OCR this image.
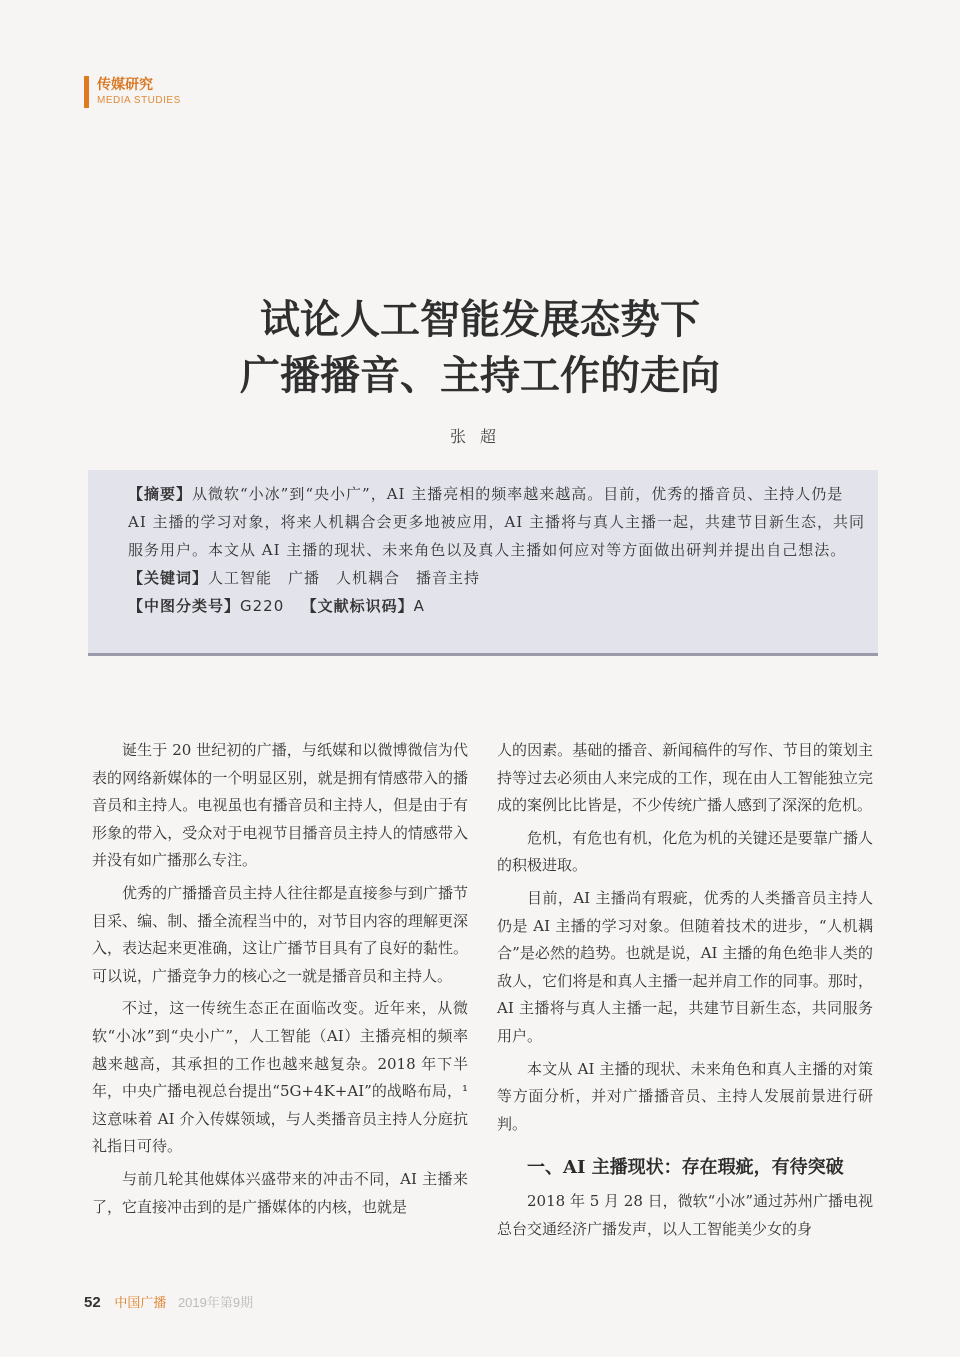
传媒研究
MEDIA STUDIES
试论人工智能发展态势下
广播播音、主持工作的走向
张超

【摘要】从微软“小冰”到“央小广”，AI 主播亮相的频率越来越高。目前，优秀的播音员、主持人仍是 AI 主播的学习对象，将来人机耦合会更多地被应用，AI 主播将与真人主播一起，共建节目新生态，共同服务用户。本文从 AI 主播的现状、未来角色以及真人主播如何应对等方面做出研判并提出自己想法。

【关键词】人工智能　广播　人机耦合　播音主持

【中图分类号】G220 【文献标识码】A

诞生于 20 世纪初的广播，与纸媒和以微博微信为代表的网络新媒体的一个明显区别，就是拥有情感带入的播音员和主持人。电视虽也有播音员和主持人，但是由于有形象的带入，受众对于电视节目播音员主持人的情感带入并没有如广播那么专注。

优秀的广播播音员主持人往往都是直接参与到广播节目采、编、制、播全流程当中的，对节目内容的理解更深入，表达起来更准确，这让广播节目具有了良好的黏性。可以说，广播竞争力的核心之一就是播音员和主持人。

不过，这一传统生态正在面临改变。近年来，从微软“小冰”到“央小广”，人工智能（AI）主播亮相的频率越来越高，其承担的工作也越来越复杂。2018 年下半年，中央广播电视总台提出“5G+4K+AI”的战略布局，¹这意味着 AI 介入传媒领域，与人类播音员主持人分庭抗礼指日可待。

与前几轮其他媒体兴盛带来的冲击不同，AI 主播来了，它直接冲击到的是广播媒体的内核，也就是

人的因素。基础的播音、新闻稿件的写作、节目的策划主持等过去必须由人来完成的工作，现在由人工智能独立完成的案例比比皆是，不少传统广播人感到了深深的危机。

危机，有危也有机，化危为机的关键还是要靠广播人的积极进取。

目前，AI 主播尚有瑕疵，优秀的人类播音员主持人仍是 AI 主播的学习对象。但随着技术的进步，“人机耦合”是必然的趋势。也就是说，AI 主播的角色绝非人类的敌人，它们将是和真人主播一起并肩工作的同事。那时，AI 主播将与真人主播一起，共建节目新生态，共同服务用户。

本文从 AI 主播的现状、未来角色和真人主播的对策等方面分析，并对广播播音员、主持人发展前景进行研判。

一、AI 主播现状：存在瑕疵，有待突破

2018 年 5 月 28 日，微软“小冰”通过苏州广播电视总台交通经济广播发声，以人工智能美少女的身

52 中国广播 2019年第9期
